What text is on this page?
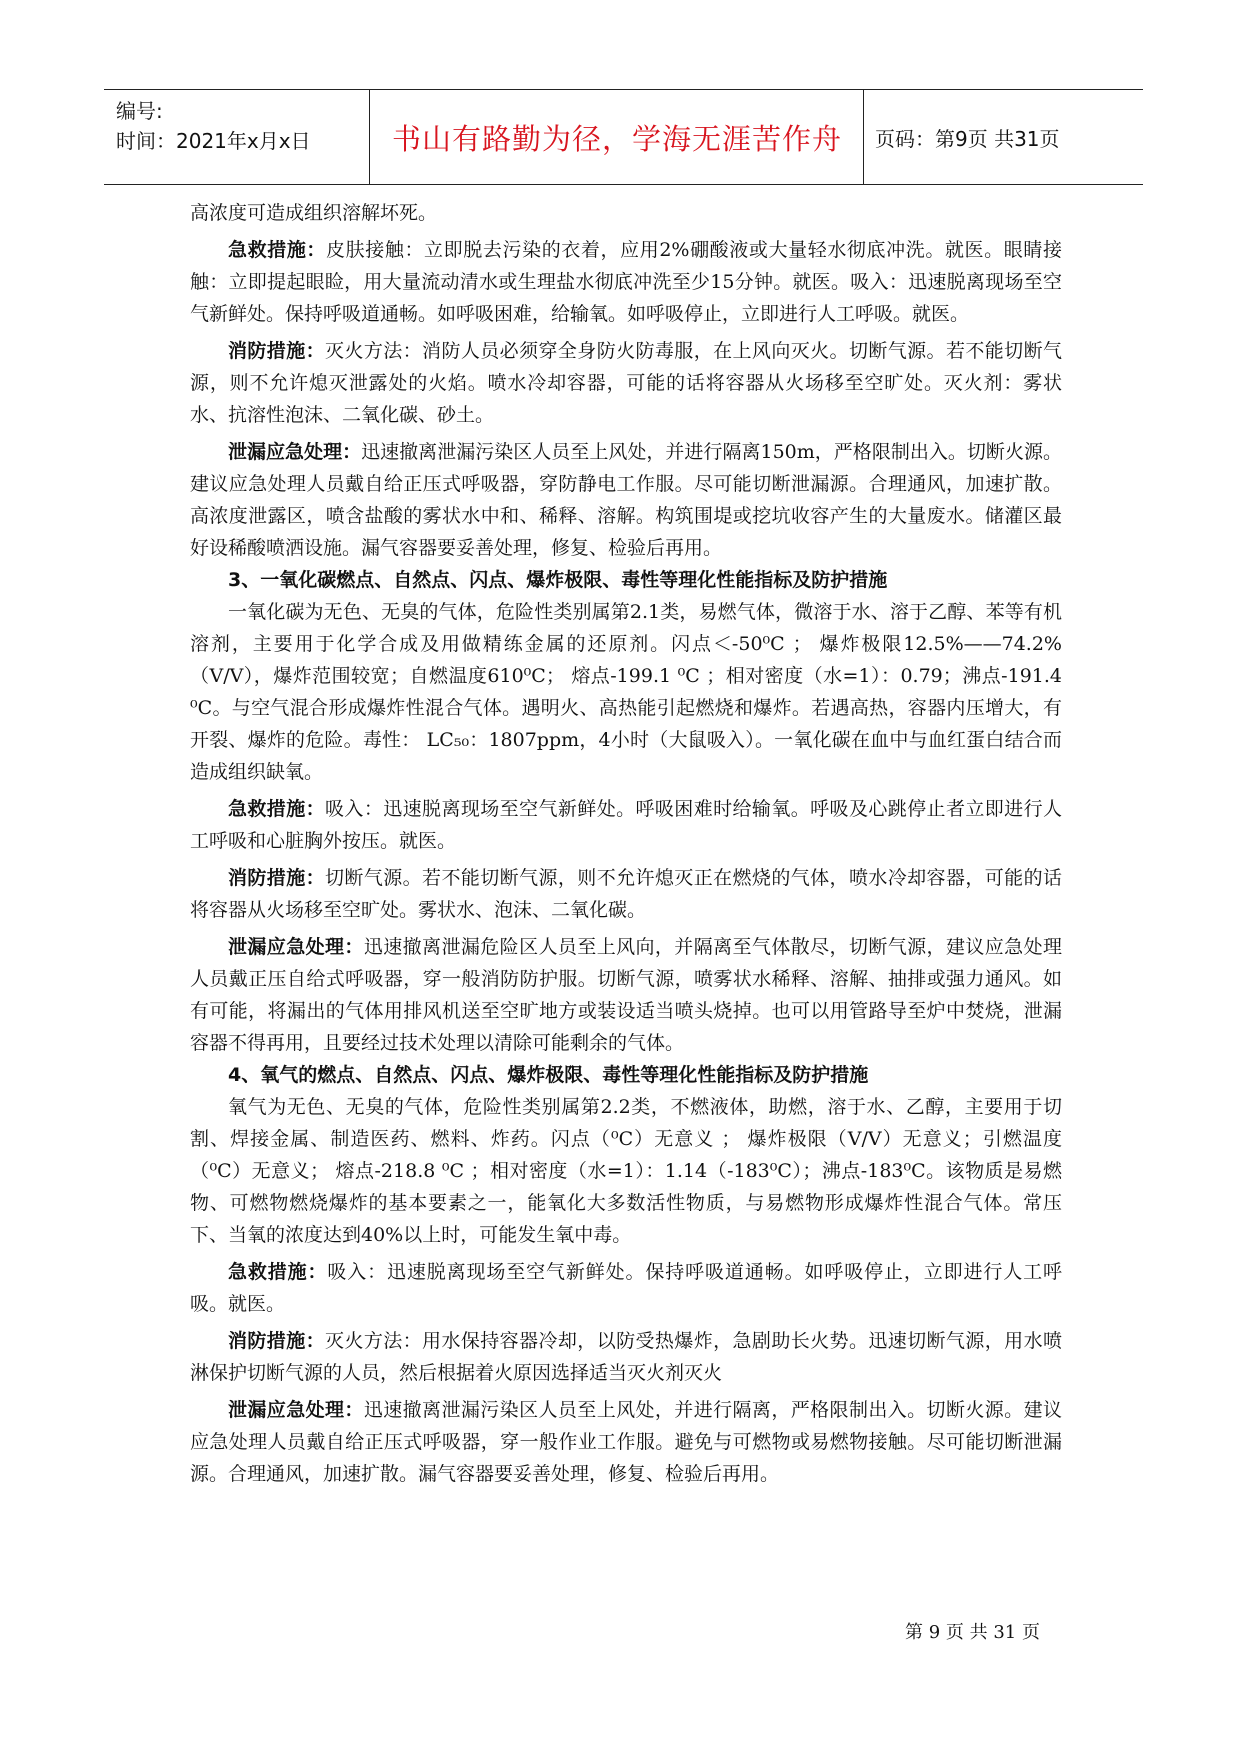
编号:
时间：2021年x月x日	书山有路勤为径，学海无涯苦作舟	页码：第9页 共31页

高浓度可造成组织溶解坏死。

急救措施：皮肤接触：立即脱去污染的衣着，应用2%硼酸液或大量轻水彻底冲洗。就医。眼睛接触：立即提起眼睑，用大量流动清水或生理盐水彻底冲洗至少15分钟。就医。吸入：迅速脱离现场至空气新鲜处。保持呼吸道通畅。如呼吸困难，给输氧。如呼吸停止，立即进行人工呼吸。就医。

消防措施：灭火方法：消防人员必须穿全身防火防毒服，在上风向灭火。切断气源。若不能切断气源，则不允许熄灭泄露处的火焰。喷水冷却容器，可能的话将容器从火场移至空旷处。灭火剂：雾状水、抗溶性泡沫、二氧化碳、砂土。

泄漏应急处理：迅速撤离泄漏污染区人员至上风处，并进行隔离150m，严格限制出入。切断火源。建议应急处理人员戴自给正压式呼吸器，穿防静电工作服。尽可能切断泄漏源。合理通风，加速扩散。高浓度泄露区，喷含盐酸的雾状水中和、稀释、溶解。构筑围堤或挖坑收容产生的大量废水。储灌区最好设稀酸喷洒设施。漏气容器要妥善处理，修复、检验后再用。

3、一氧化碳燃点、自然点、闪点、爆炸极限、毒性等理化性能指标及防护措施

一氧化碳为无色、无臭的气体，危险性类别属第2.1类，易燃气体，微溶于水、溶于乙醇、苯等有机溶剂，主要用于化学合成及用做精练金属的还原剂。闪点＜-50⁰C ； 爆炸极限12.5%——74.2%（V/V），爆炸范围较宽；自燃温度610⁰C； 熔点-199.1 ⁰C ；相对密度（水=1）：0.79；沸点-191.4 ⁰C。与空气混合形成爆炸性混合气体。遇明火、高热能引起燃烧和爆炸。若遇高热，容器内压增大，有开裂、爆炸的危险。毒性： LC₅₀：1807ppm，4小时（大鼠吸入）。一氧化碳在血中与血红蛋白结合而造成组织缺氧。

急救措施：吸入：迅速脱离现场至空气新鲜处。呼吸困难时给输氧。呼吸及心跳停止者立即进行人工呼吸和心脏胸外按压。就医。

消防措施：切断气源。若不能切断气源，则不允许熄灭正在燃烧的气体，喷水冷却容器，可能的话将容器从火场移至空旷处。雾状水、泡沫、二氧化碳。

泄漏应急处理：迅速撤离泄漏危险区人员至上风向，并隔离至气体散尽，切断气源，建议应急处理人员戴正压自给式呼吸器，穿一般消防防护服。切断气源，喷雾状水稀释、溶解、抽排或强力通风。如有可能，将漏出的气体用排风机送至空旷地方或装设适当喷头烧掉。也可以用管路导至炉中焚烧，泄漏容器不得再用，且要经过技术处理以清除可能剩余的气体。

4、氧气的燃点、自然点、闪点、爆炸极限、毒性等理化性能指标及防护措施

氧气为无色、无臭的气体，危险性类别属第2.2类，不燃液体，助燃，溶于水、乙醇，主要用于切割、焊接金属、制造医药、燃料、炸药。闪点（⁰C）无意义 ； 爆炸极限（V/V）无意义；引燃温度（⁰C）无意义； 熔点-218.8 ⁰C ；相对密度（水=1）：1.14（-183⁰C）；沸点-183⁰C。该物质是易燃物、可燃物燃烧爆炸的基本要素之一，能氧化大多数活性物质，与易燃物形成爆炸性混合气体。常压下、当氧的浓度达到40%以上时，可能发生氧中毒。

急救措施：吸入：迅速脱离现场至空气新鲜处。保持呼吸道通畅。如呼吸停止，立即进行人工呼吸。就医。

消防措施：灭火方法：用水保持容器冷却，以防受热爆炸，急剧助长火势。迅速切断气源，用水喷淋保护切断气源的人员，然后根据着火原因选择适当灭火剂灭火

泄漏应急处理：迅速撤离泄漏污染区人员至上风处，并进行隔离，严格限制出入。切断火源。建议应急处理人员戴自给正压式呼吸器，穿一般作业工作服。避免与可燃物或易燃物接触。尽可能切断泄漏源。合理通风，加速扩散。漏气容器要妥善处理，修复、检验后再用。

第 9 页 共 31 页
